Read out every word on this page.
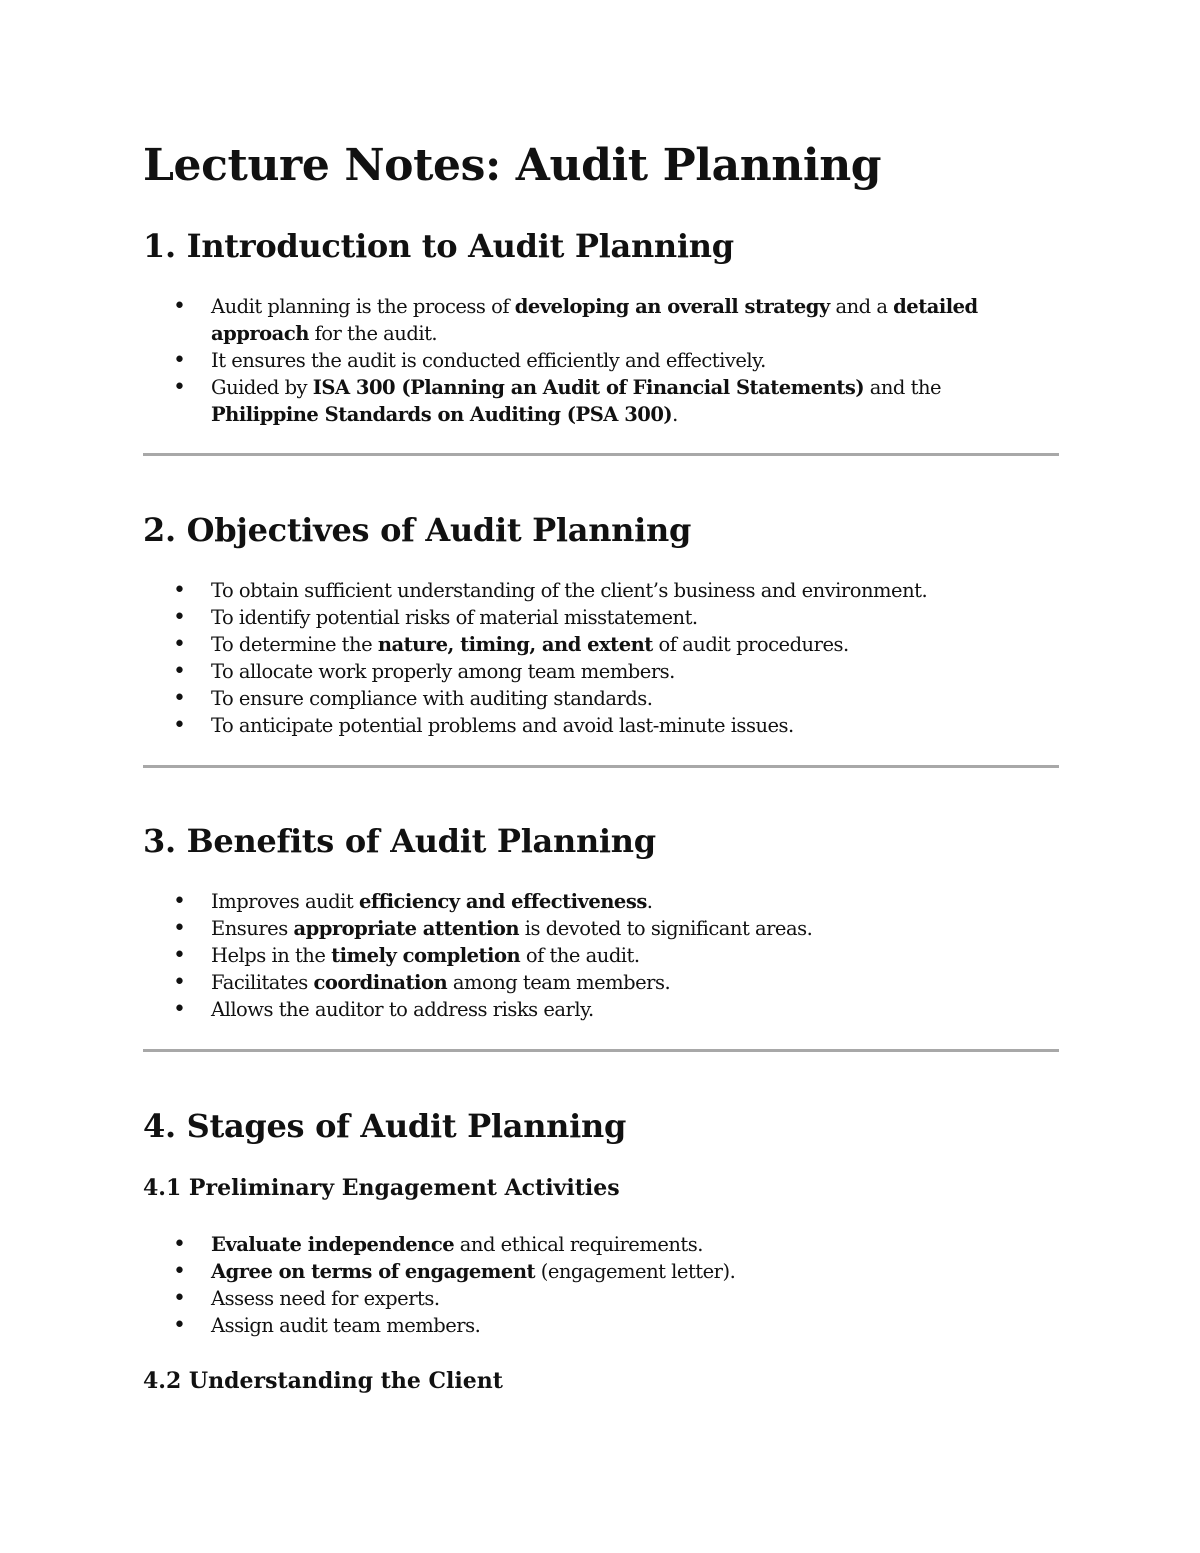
Lecture Notes: Audit Planning
1. Introduction to Audit Planning
• Audit planning is the process of developing an overall strategy and a detailed approach for the audit.
• It ensures the audit is conducted efficiently and effectively.
• Guided by ISA 300 (Planning an Audit of Financial Statements) and the Philippine Standards on Auditing (PSA 300).
2. Objectives of Audit Planning
• To obtain sufficient understanding of the client’s business and environment.
• To identify potential risks of material misstatement.
• To determine the nature, timing, and extent of audit procedures.
• To allocate work properly among team members.
• To ensure compliance with auditing standards.
• To anticipate potential problems and avoid last-minute issues.
3. Benefits of Audit Planning
• Improves audit efficiency and effectiveness.
• Ensures appropriate attention is devoted to significant areas.
• Helps in the timely completion of the audit.
• Facilitates coordination among team members.
• Allows the auditor to address risks early.
4. Stages of Audit Planning
4.1 Preliminary Engagement Activities
• Evaluate independence and ethical requirements.
• Agree on terms of engagement (engagement letter).
• Assess need for experts.
• Assign audit team members.
4.2 Understanding the Client
